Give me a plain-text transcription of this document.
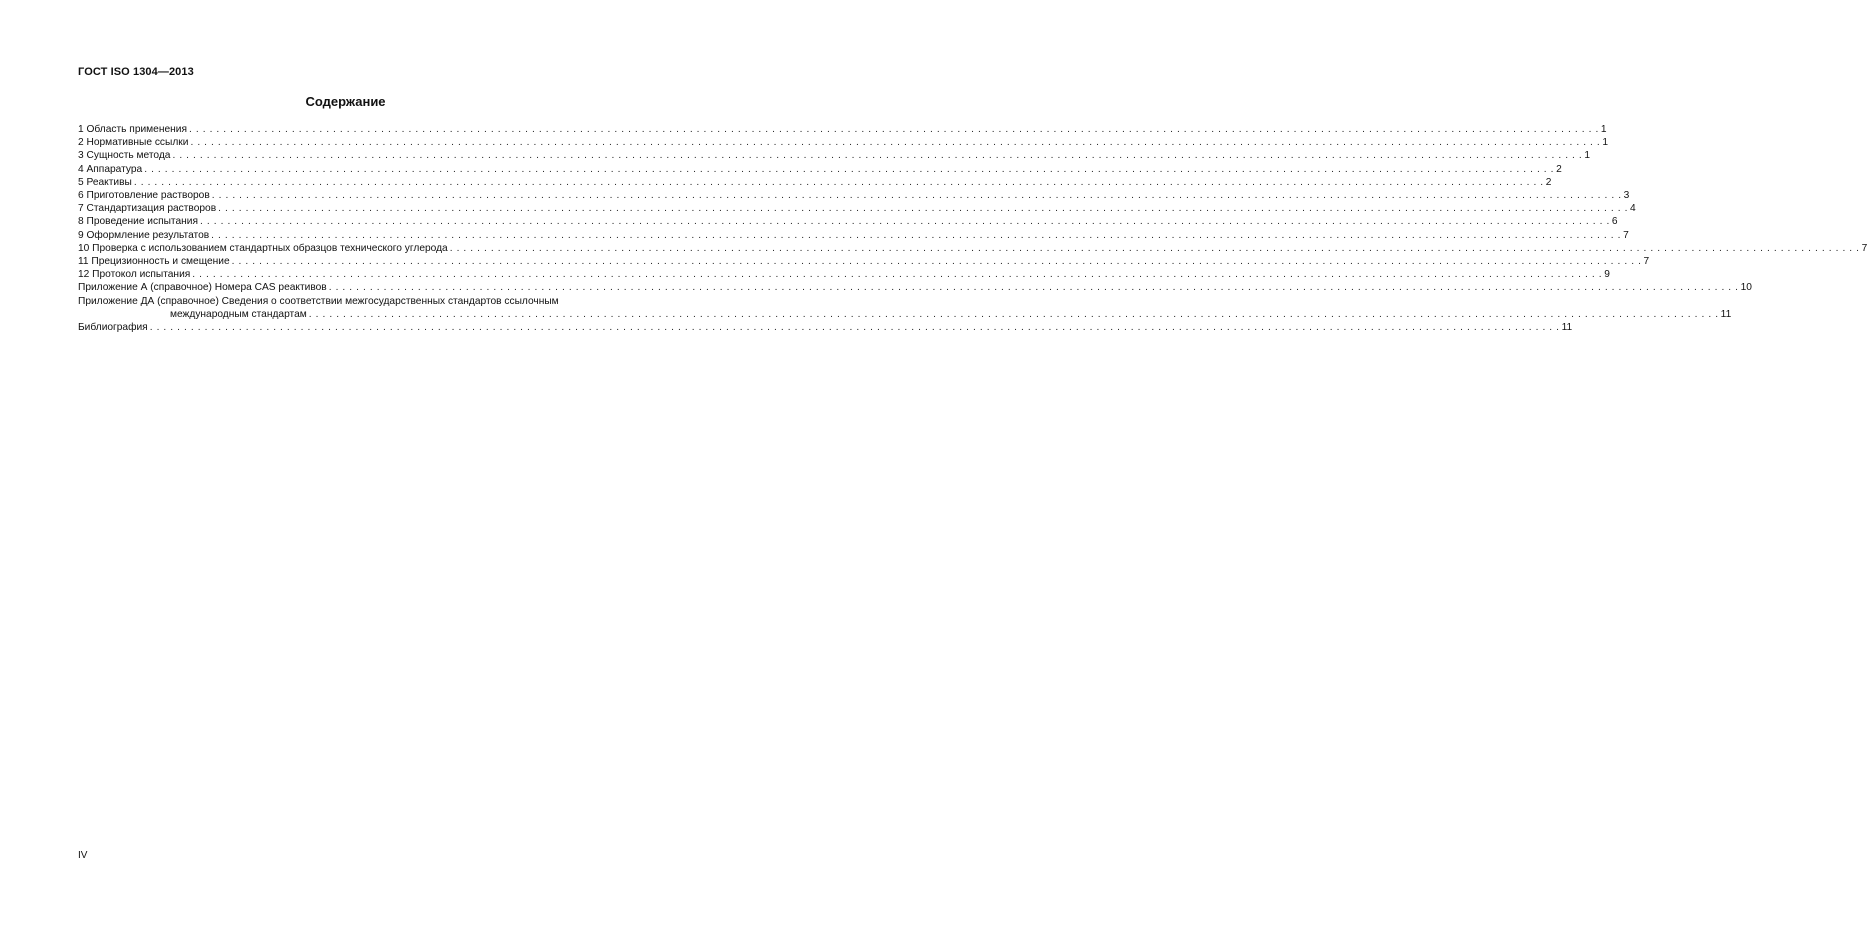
ГОСТ ISO 1304—2013
Содержание
1 Область применения . . .	1
2 Нормативные ссылки . . .	1
3 Сущность метода . . .	1
4 Аппаратура . . .	2
5 Реактивы . . .	2
6 Приготовление растворов . . .	3
7 Стандартизация растворов . . .	4
8 Проведение испытания . . .	6
9 Оформление результатов . . .	7
10 Проверка с использованием стандартных образцов технического углерода . . .	7
11 Прецизионность и смещение . . .	7
12 Протокол испытания . . .	9
Приложение А (справочное) Номера CAS реактивов . . .	10
Приложение ДА (справочное) Сведения о соответствии межгосударственных стандартов ссылочным
международным стандартам . . .	11
Библиография . . .	11
IV
